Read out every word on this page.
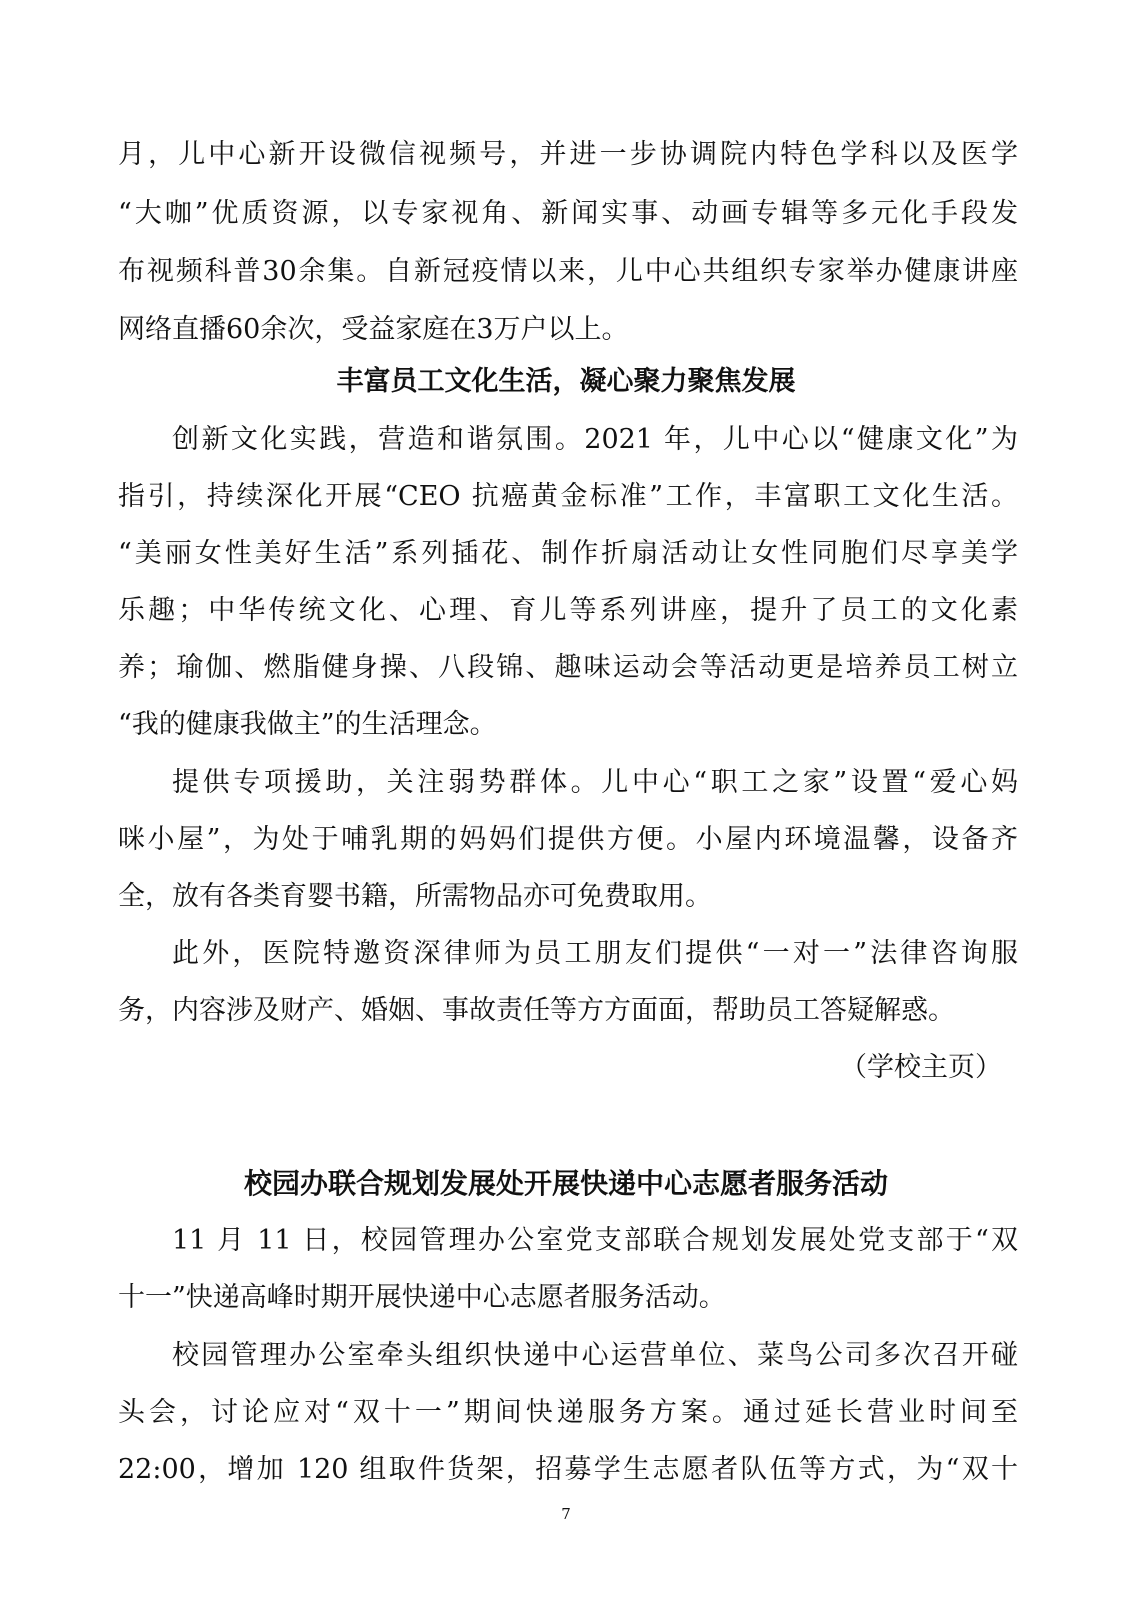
月，儿中心新开设微信视频号，并进一步协调院内特色学科以及医学

“大咖”优质资源，以专家视角、新闻实事、动画专辑等多元化手段发

布视频科普30余集。自新冠疫情以来，儿中心共组织专家举办健康讲座

网络直播60余次，受益家庭在3万户以上。

丰富员工文化生活，凝心聚力聚焦发展

创新文化实践，营造和谐氛围。2021 年，儿中心以“健康文化”为

指引，持续深化开展“CEO 抗癌黄金标准”工作，丰富职工文化生活。

“美丽女性美好生活”系列插花、制作折扇活动让女性同胞们尽享美学

乐趣；中华传统文化、心理、育儿等系列讲座，提升了员工的文化素

养；瑜伽、燃脂健身操、八段锦、趣味运动会等活动更是培养员工树立

“我的健康我做主”的生活理念。

提供专项援助，关注弱势群体。儿中心“职工之家”设置“爱心妈

咪小屋”，为处于哺乳期的妈妈们提供方便。小屋内环境温馨，设备齐

全，放有各类育婴书籍，所需物品亦可免费取用。

此外，医院特邀资深律师为员工朋友们提供“一对一”法律咨询服

务，内容涉及财产、婚姻、事故责任等方方面面，帮助员工答疑解惑。

（学校主页）

校园办联合规划发展处开展快递中心志愿者服务活动

11 月 11 日，校园管理办公室党支部联合规划发展处党支部于“双

十一”快递高峰时期开展快递中心志愿者服务活动。

校园管理办公室牵头组织快递中心运营单位、菜鸟公司多次召开碰

头会，讨论应对“双十一”期间快递服务方案。通过延长营业时间至

22:00，增加 120 组取件货架，招募学生志愿者队伍等方式，为“双十

7
